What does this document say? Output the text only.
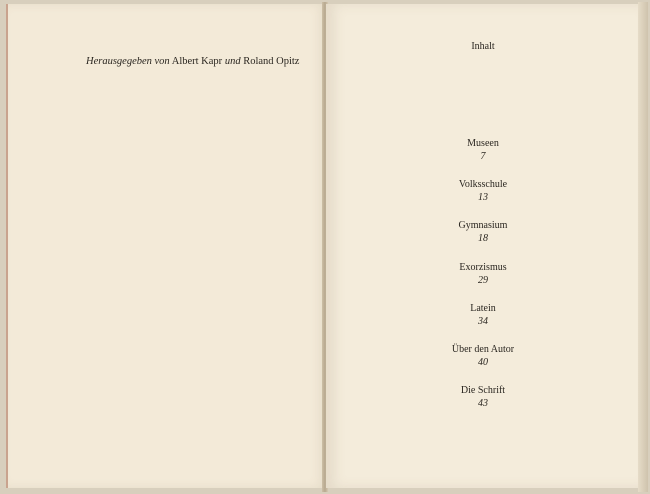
Herausgegeben von Albert Kapr und Roland Opitz
Inhalt
Museen
7
Volksschule
13
Gymnasium
18
Exorzismus
29
Latein
34
Über den Autor
40
Die Schrift
43
